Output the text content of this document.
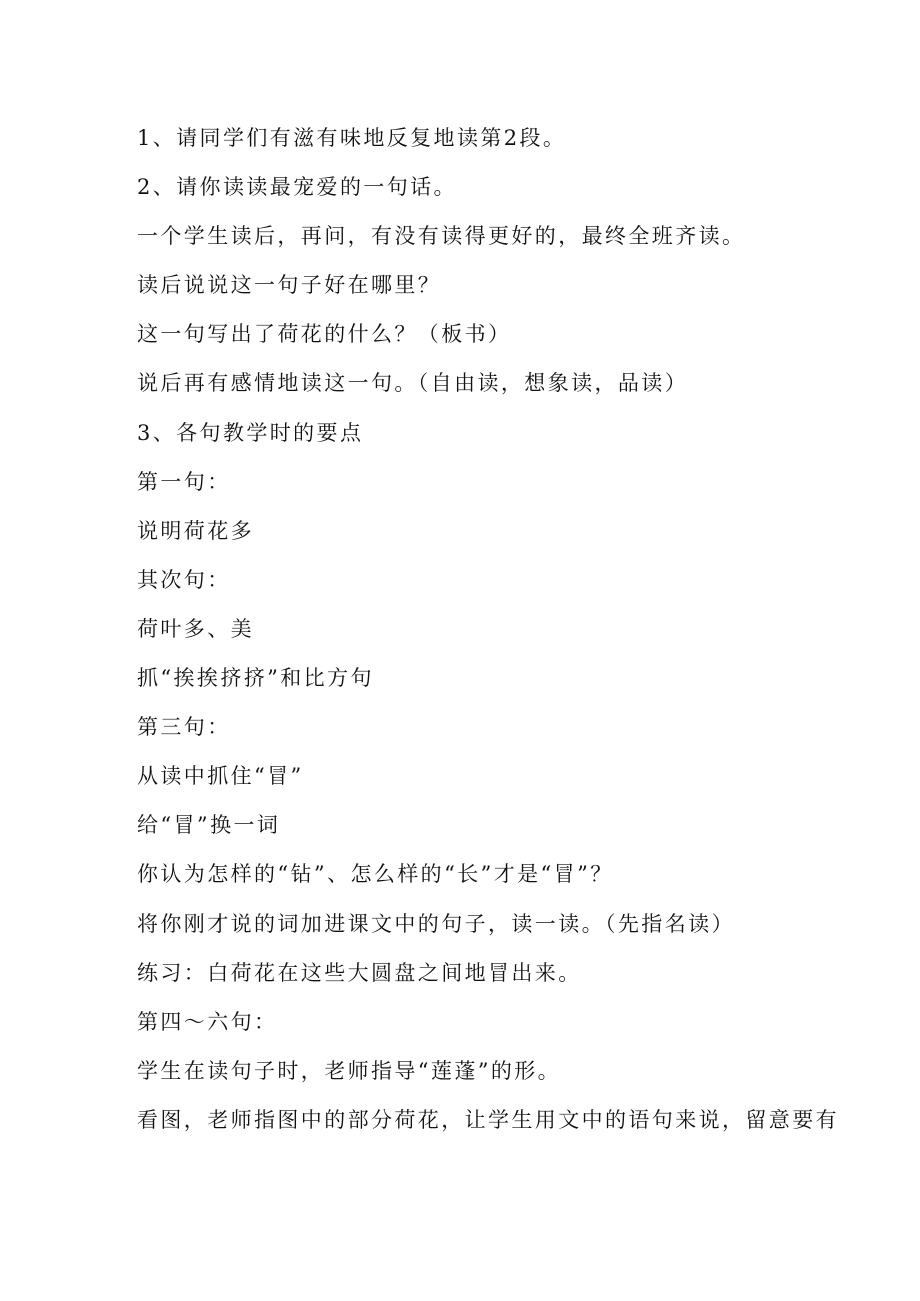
1、请同学们有滋有味地反复地读第2段。
2、请你读读最宠爱的一句话。
一个学生读后，再问，有没有读得更好的，最终全班齐读。
读后说说这一句子好在哪里？
这一句写出了荷花的什么？（板书）
说后再有感情地读这一句。（自由读，想象读，品读）
3、各句教学时的要点
第一句：
说明荷花多
其次句：
荷叶多、美
抓“挨挨挤挤”和比方句
第三句：
从读中抓住“冒”
给“冒”换一词
你认为怎样的“钻”、怎么样的“长”才是“冒”？
将你刚才说的词加进课文中的句子，读一读。（先指名读）
练习：白荷花在这些大圆盘之间地冒出来。
第四～六句：
学生在读句子时，老师指导“莲蓬”的形。
看图，老师指图中的部分荷花，让学生用文中的语句来说，留意要有
